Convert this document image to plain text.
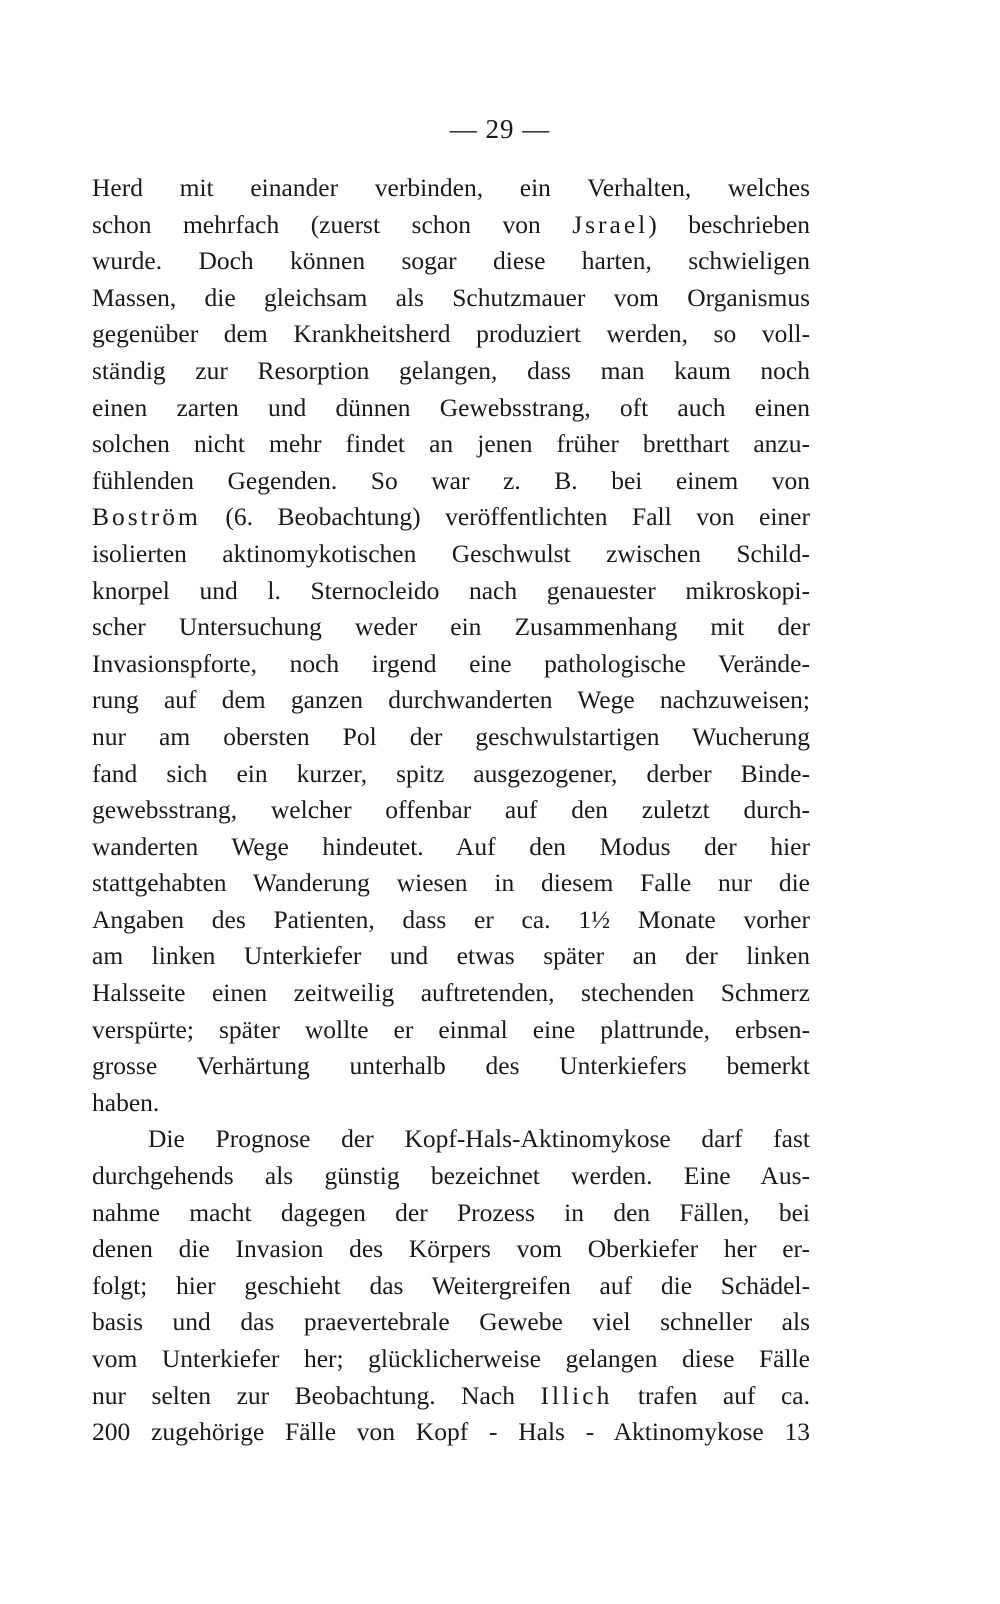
— 29 —
Herd mit einander verbinden, ein Verhalten, welches
schon mehrfach (zuerst schon von Jsrael) beschrieben
wurde. Doch können sogar diese harten, schwieligen
Massen, die gleichsam als Schutzmauer vom Organismus
gegenüber dem Krankheitsherd produziert werden, so voll-
ständig zur Resorption gelangen, dass man kaum noch
einen zarten und dünnen Gewebsstrang, oft auch einen
solchen nicht mehr findet an jenen früher bretthart anzu-
fühlenden Gegenden. So war z. B. bei einem von
Boström (6. Beobachtung) veröffentlichten Fall von einer
isolierten aktinomykotischen Geschwulst zwischen Schild-
knorpel und l. Sternocleido nach genauester mikroskopi-
scher Untersuchung weder ein Zusammenhang mit der
Invasionspforte, noch irgend eine pathologische Verände-
rung auf dem ganzen durchwanderten Wege nachzuweisen;
nur am obersten Pol der geschwulstartigen Wucherung
fand sich ein kurzer, spitz ausgezogener, derber Binde-
gewebsstrang, welcher offenbar auf den zuletzt durch-
wanderten Wege hindeutet. Auf den Modus der hier
stattgehabten Wanderung wiesen in diesem Falle nur die
Angaben des Patienten, dass er ca. 1½ Monate vorher
am linken Unterkiefer und etwas später an der linken
Halsseite einen zeitweilig auftretenden, stechenden Schmerz
verspürte; später wollte er einmal eine plattrunde, erbsen-
grosse Verhärtung unterhalb des Unterkiefers bemerkt
haben.
Die Prognose der Kopf-Hals-Aktinomykose darf fast
durchgehends als günstig bezeichnet werden. Eine Aus-
nahme macht dagegen der Prozess in den Fällen, bei
denen die Invasion des Körpers vom Oberkiefer her er-
folgt; hier geschieht das Weitergreifen auf die Schädel-
basis und das praevertebrale Gewebe viel schneller als
vom Unterkiefer her; glücklicherweise gelangen diese Fälle
nur selten zur Beobachtung. Nach Illich trafen auf ca.
200 zugehörige Fälle von Kopf - Hals - Aktinomykose 13
